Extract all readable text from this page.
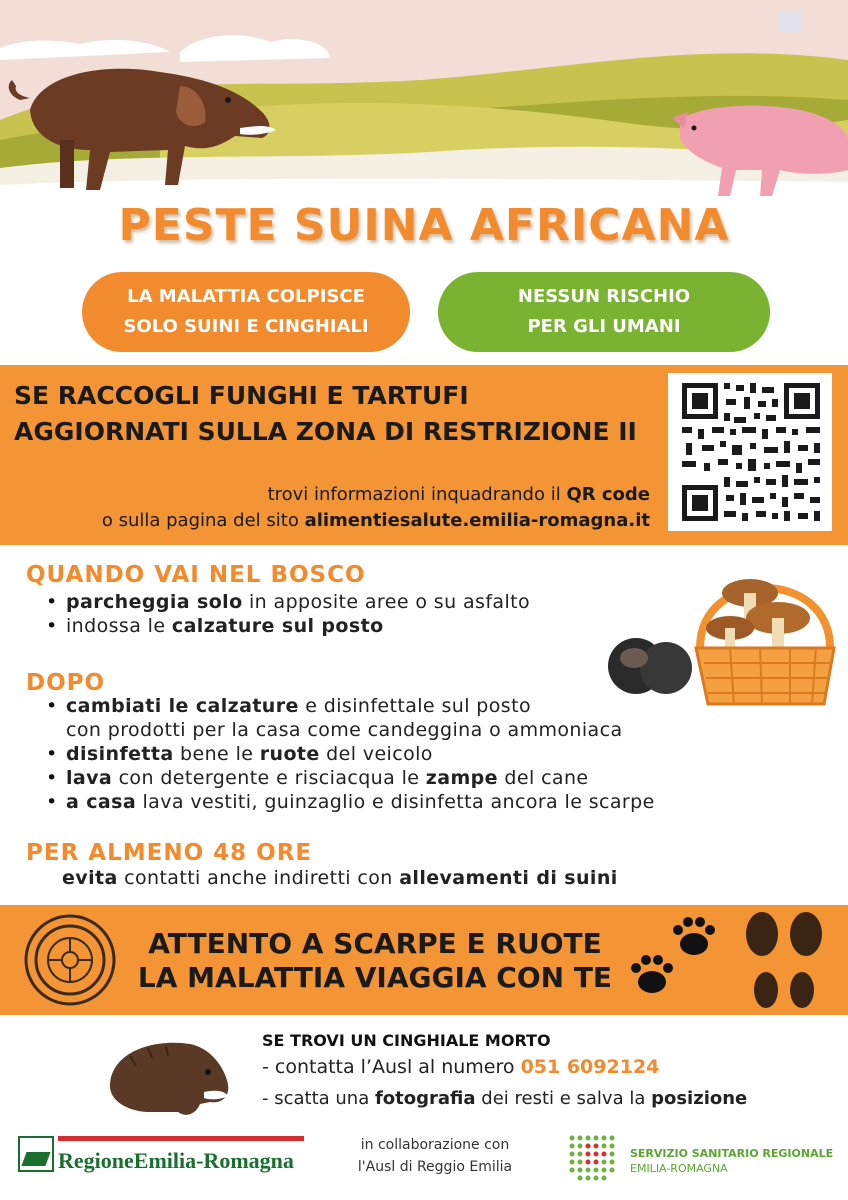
PESTE SUINA AFRICANA
LA MALATTIA COLPISCE
SOLO SUINI E CINGHIALI
NESSUN RISCHIO
PER GLI UMANI
SE RACCOGLI FUNGHI E TARTUFI
AGGIORNATI SULLA ZONA DI RESTRIZIONE II
trovi informazioni inquadrando il QR code
o sulla pagina del sito alimentiesalute.emilia-romagna.it
QUANDO VAI NEL BOSCO
• parcheggia solo in apposite aree o su asfalto
• indossa le calzature sul posto
DOPO
• cambiati le calzature e disinfettale sul posto
con prodotti per la casa come candeggina o ammoniaca
• disinfetta bene le ruote del veicolo
• lava con detergente e risciacqua le zampe del cane
• a casa lava vestiti, guinzaglio e disinfetta ancora le scarpe
PER ALMENO 48 ORE
evita contatti anche indiretti con allevamenti di suini
ATTENTO A SCARPE E RUOTE
LA MALATTIA VIAGGIA CON TE
SE TROVI UN CINGHIALE MORTO
- contatta l’Ausl al numero 051 6092124
- scatta una fotografia dei resti e salva la posizione
RegioneEmilia-Romagna
in collaborazione con
l'Ausl di Reggio Emilia
SERVIZIO SANITARIO REGIONALE
EMILIA-ROMAGNA
